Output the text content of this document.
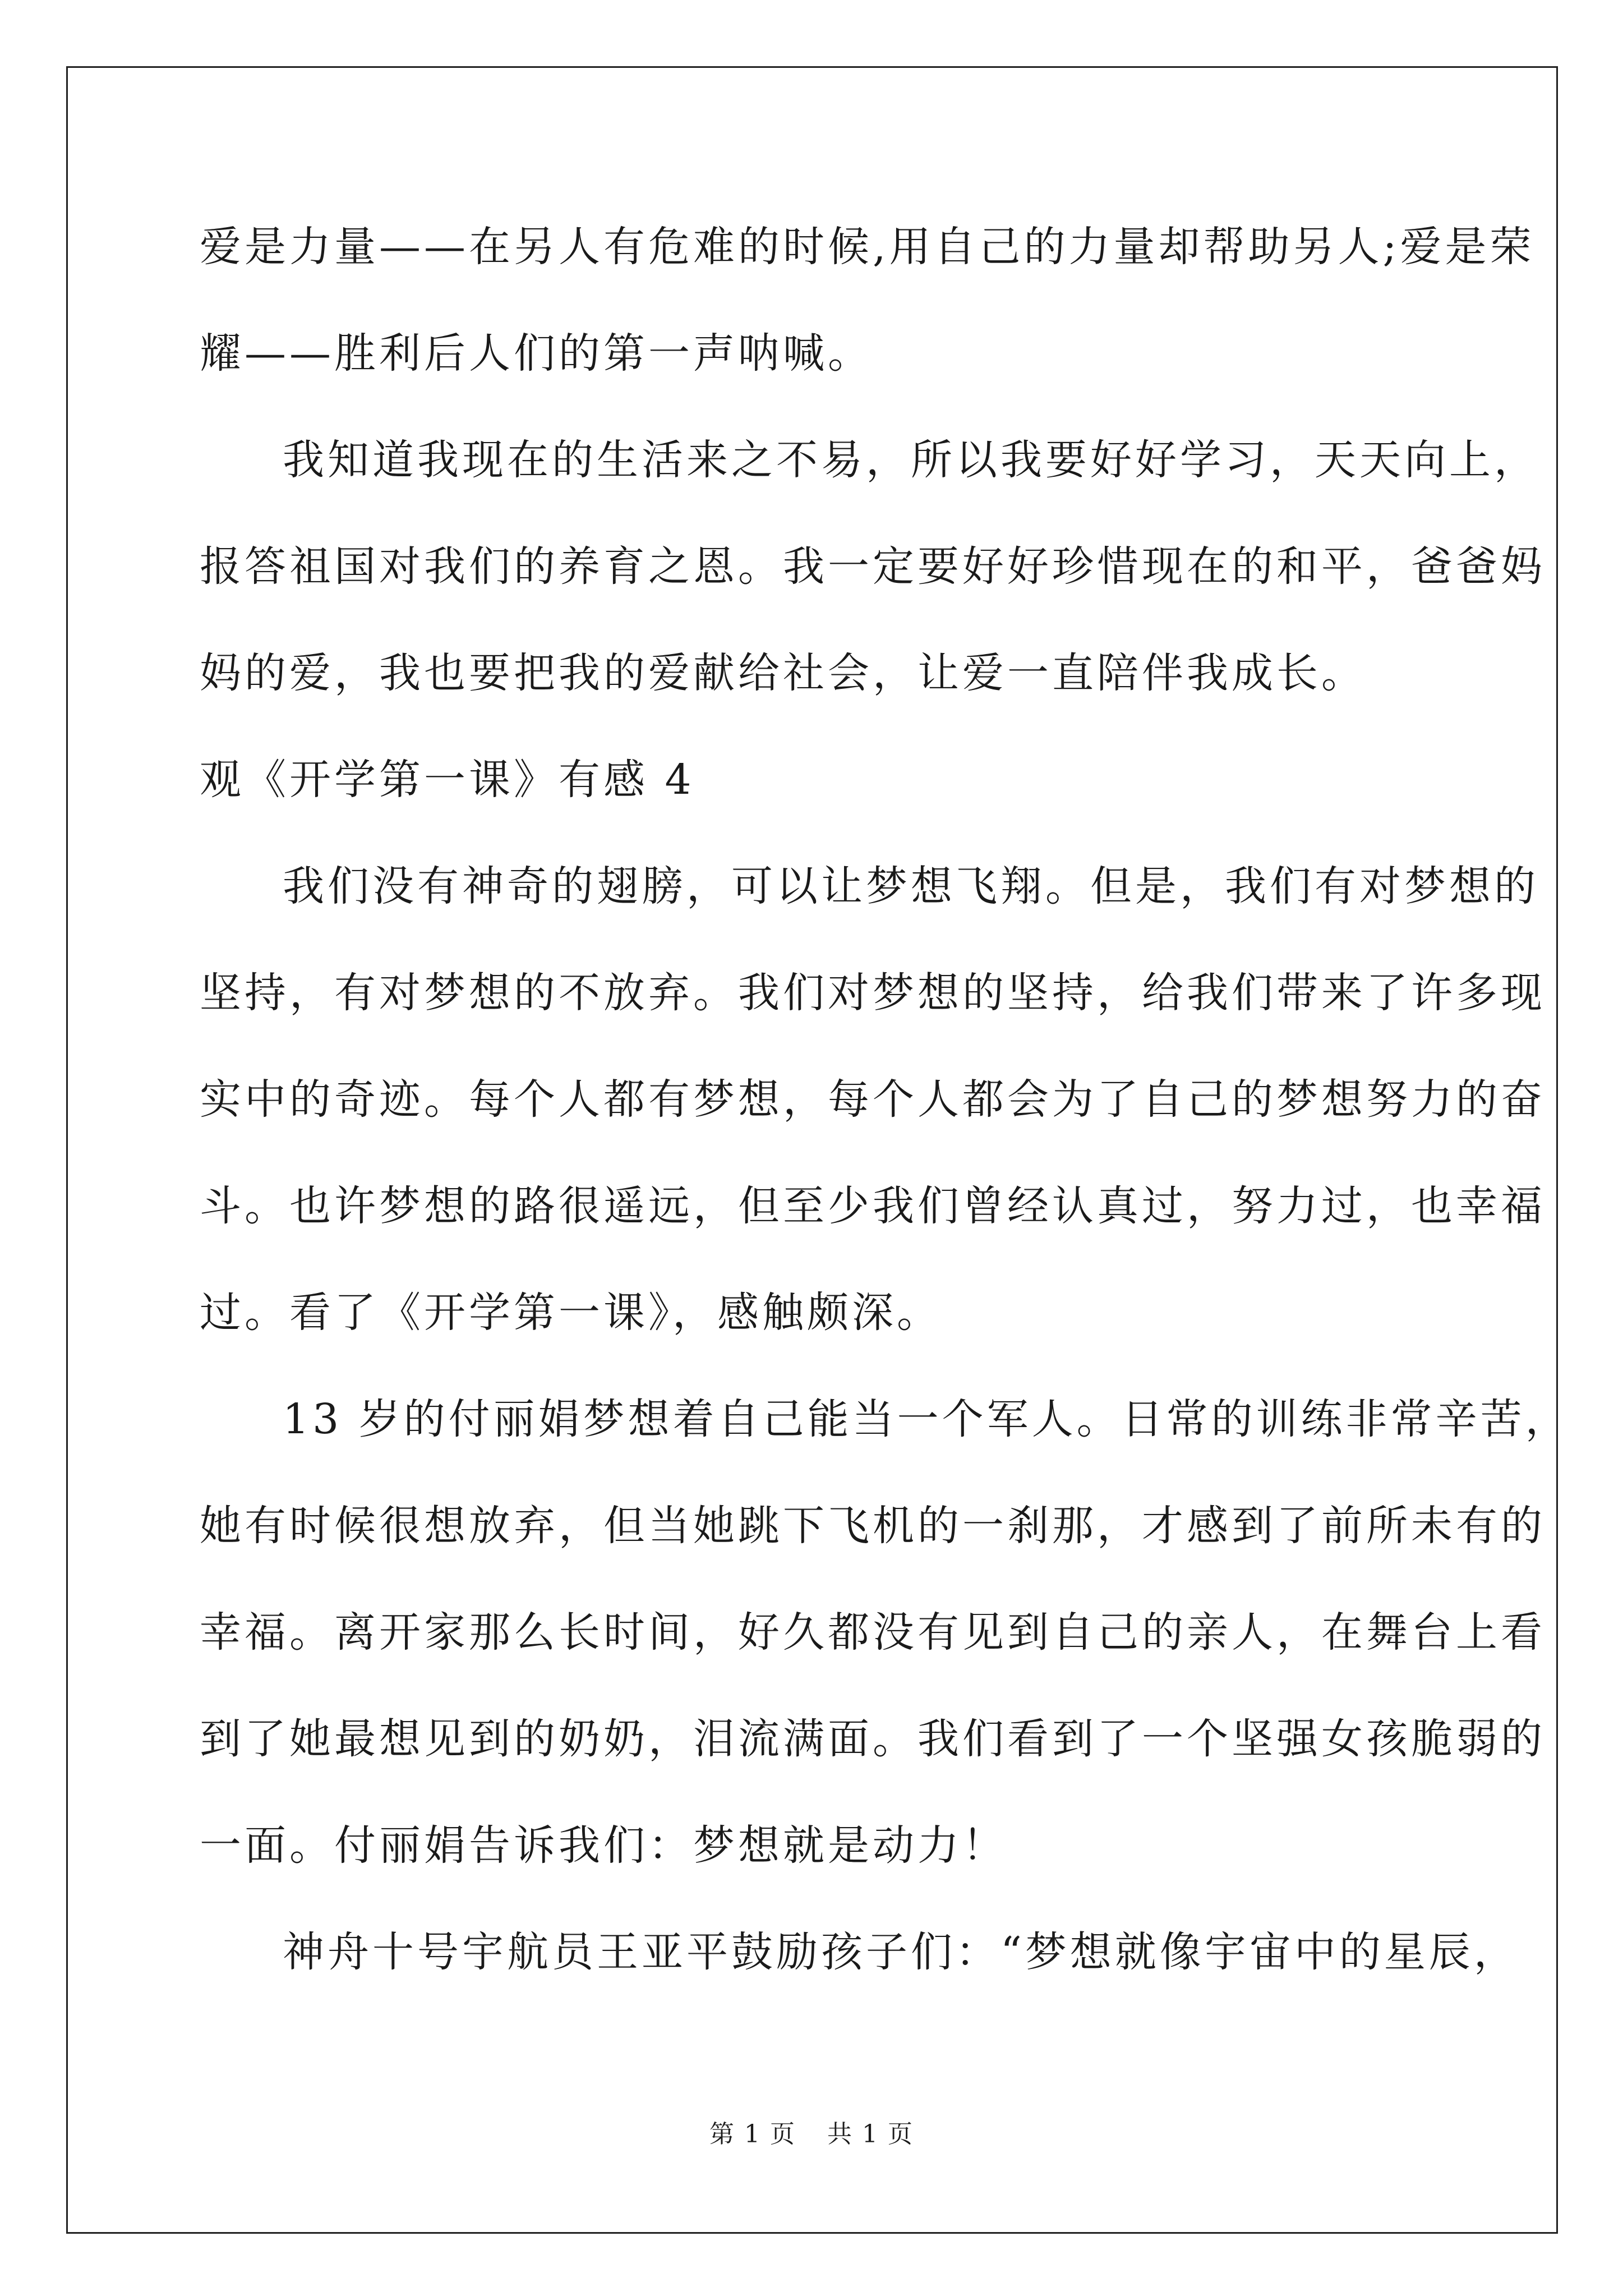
爱是力量——在另人有危难的时候,用自己的力量却帮助另人;爱是荣
耀——胜利后人们的第一声呐喊。
我知道我现在的生活来之不易，所以我要好好学习，天天向上，
报答祖国对我们的养育之恩。我一定要好好珍惜现在的和平，爸爸妈
妈的爱，我也要把我的爱献给社会，让爱一直陪伴我成长。
观《开学第一课》有感 4
我们没有神奇的翅膀，可以让梦想飞翔。但是，我们有对梦想的
坚持，有对梦想的不放弃。我们对梦想的坚持，给我们带来了许多现
实中的奇迹。每个人都有梦想，每个人都会为了自己的梦想努力的奋
斗。也许梦想的路很遥远，但至少我们曾经认真过，努力过，也幸福
过。看了《开学第一课》，感触颇深。
13 岁的付丽娟梦想着自己能当一个军人。日常的训练非常辛苦，
她有时候很想放弃，但当她跳下飞机的一刹那，才感到了前所未有的
幸福。离开家那么长时间，好久都没有见到自己的亲人，在舞台上看
到了她最想见到的奶奶，泪流满面。我们看到了一个坚强女孩脆弱的
一面。付丽娟告诉我们：梦想就是动力！
神舟十号宇航员王亚平鼓励孩子们：“梦想就像宇宙中的星辰，
第 1 页 共 1 页
